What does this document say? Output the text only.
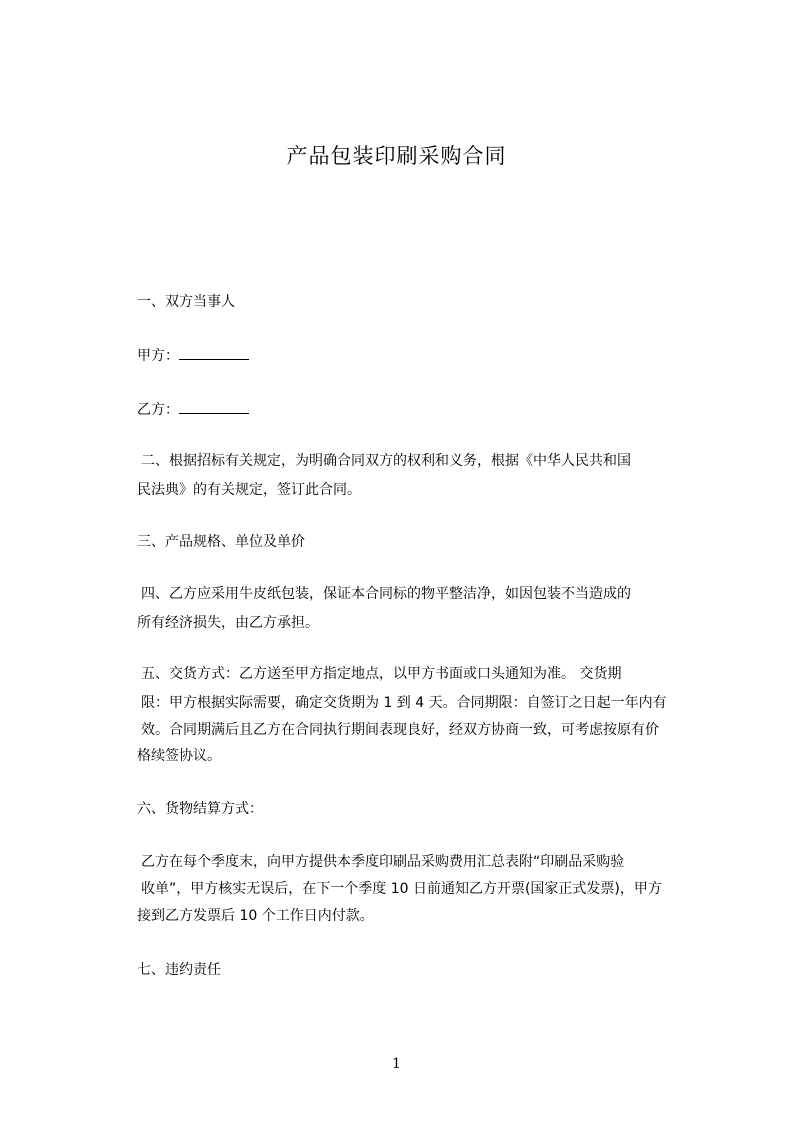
产品包装印刷采购合同
一、双方当事人
甲方：
乙方：
二、根据招标有关规定，为明确合同双方的权利和义务，根据《中华人民共和国
民法典》的有关规定，签订此合同。
三、产品规格、单位及单价
四、乙方应采用牛皮纸包装，保证本合同标的物平整洁净，如因包装不当造成的
所有经济损失，由乙方承担。
五、交货方式：乙方送至甲方指定地点，以甲方书面或口头通知为准。 交货期
限：甲方根据实际需要，确定交货期为 1 到 4 天。合同期限：自签订之日起一年内有
效。合同期满后且乙方在合同执行期间表现良好，经双方协商一致，可考虑按原有价
格续签协议。
六、货物结算方式：
乙方在每个季度末，向甲方提供本季度印刷品采购费用汇总表附“印刷品采购验
收单”，甲方核实无误后，在下一个季度 10 日前通知乙方开票(国家正式发票)，甲方
接到乙方发票后 10 个工作日内付款。
七、违约责任
1
